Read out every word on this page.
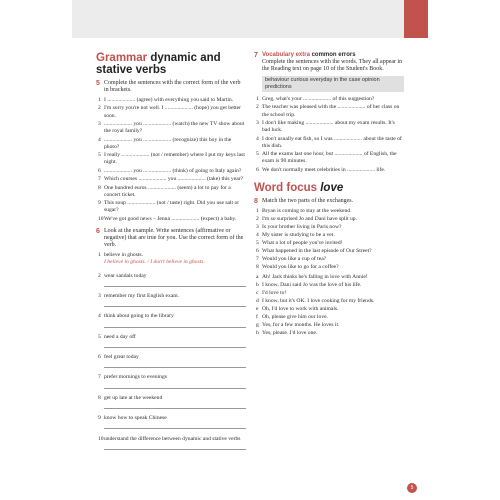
Grammar dynamic and stative verbs
5 Complete the sentences with the correct form of the verb in brackets.
1 I .................... (agree) with everything you said to Martin.
2 I'm sorry you're not well. I .................... (hope) you get better soon.
3 .................... you .................... (watch) the new TV show about the royal family?
4 .................... you .................... (recognize) this boy in the photo?
5 I really .................... (not / remember) where I put my keys last night.
6 .................... you .................... (think) of going to Italy again?
7 Which courses .................... you .................... (take) this year?
8 One hundred euros .................... (seem) a lot to pay for a concert ticket.
9 This soup .................... (not / taste) right. Did you use salt or sugar?
10 We've got good news – Jenna .................... (expect) a baby.
6 Look at the example. Write sentences (affirmative or negative) that are true for you. Use the correct form of the verb.
1 believe in ghosts.
I believe in ghosts. / I don't believe in ghosts.
2 wear sandals today
3 remember my first English exam.
4 think about going to the library
5 need a day off
6 feel great today
7 prefer mornings to evenings
8 get up late at the weekend
9 know how to speak Chinese
10 understand the difference between dynamic and stative verbs
7 Vocabulary extra common errors
Complete the sentences with the words. They all appear in the Reading text on page 10 of the Student's Book.
behaviour curious everyday in the case opinion predictions
1 Greg, what's your .................... of this suggestion?
2 The teacher was pleased with the .................... of her class on the school trip.
3 I don't like making .................... about my exam results. It's bad luck.
4 I don't usually eat fish, so I was .................... about the taste of this dish.
5 All the exams last one hour, but .................... of English, the exam is 90 minutes.
6 We don't normally meet celebrities in .................... life.
Word focus love
8 Match the two parts of the exchanges.
1 Bryan is coming to stay at the weekend.
2 I'm so surprised Jo and Dani have split up.
3 Is your brother living in Paris now?
4 My sister is studying to be a vet.
5 What a lot of people you've invited!
6 What happened in the last episode of Our Street?
7 Would you like a cup of tea?
8 Would you like to go for a coffee?
a Ah! Jack thinks he's falling in love with Annie!
b I know, Dani said Jo was the love of his life.
c I'd love to!
d I know, but it's OK. I love cooking for my friends.
e Oh, I'd love to work with animals.
f Oh, please give him our love.
g Yes, for a few months. He loves it.
h Yes, please. I'd love one.
5
